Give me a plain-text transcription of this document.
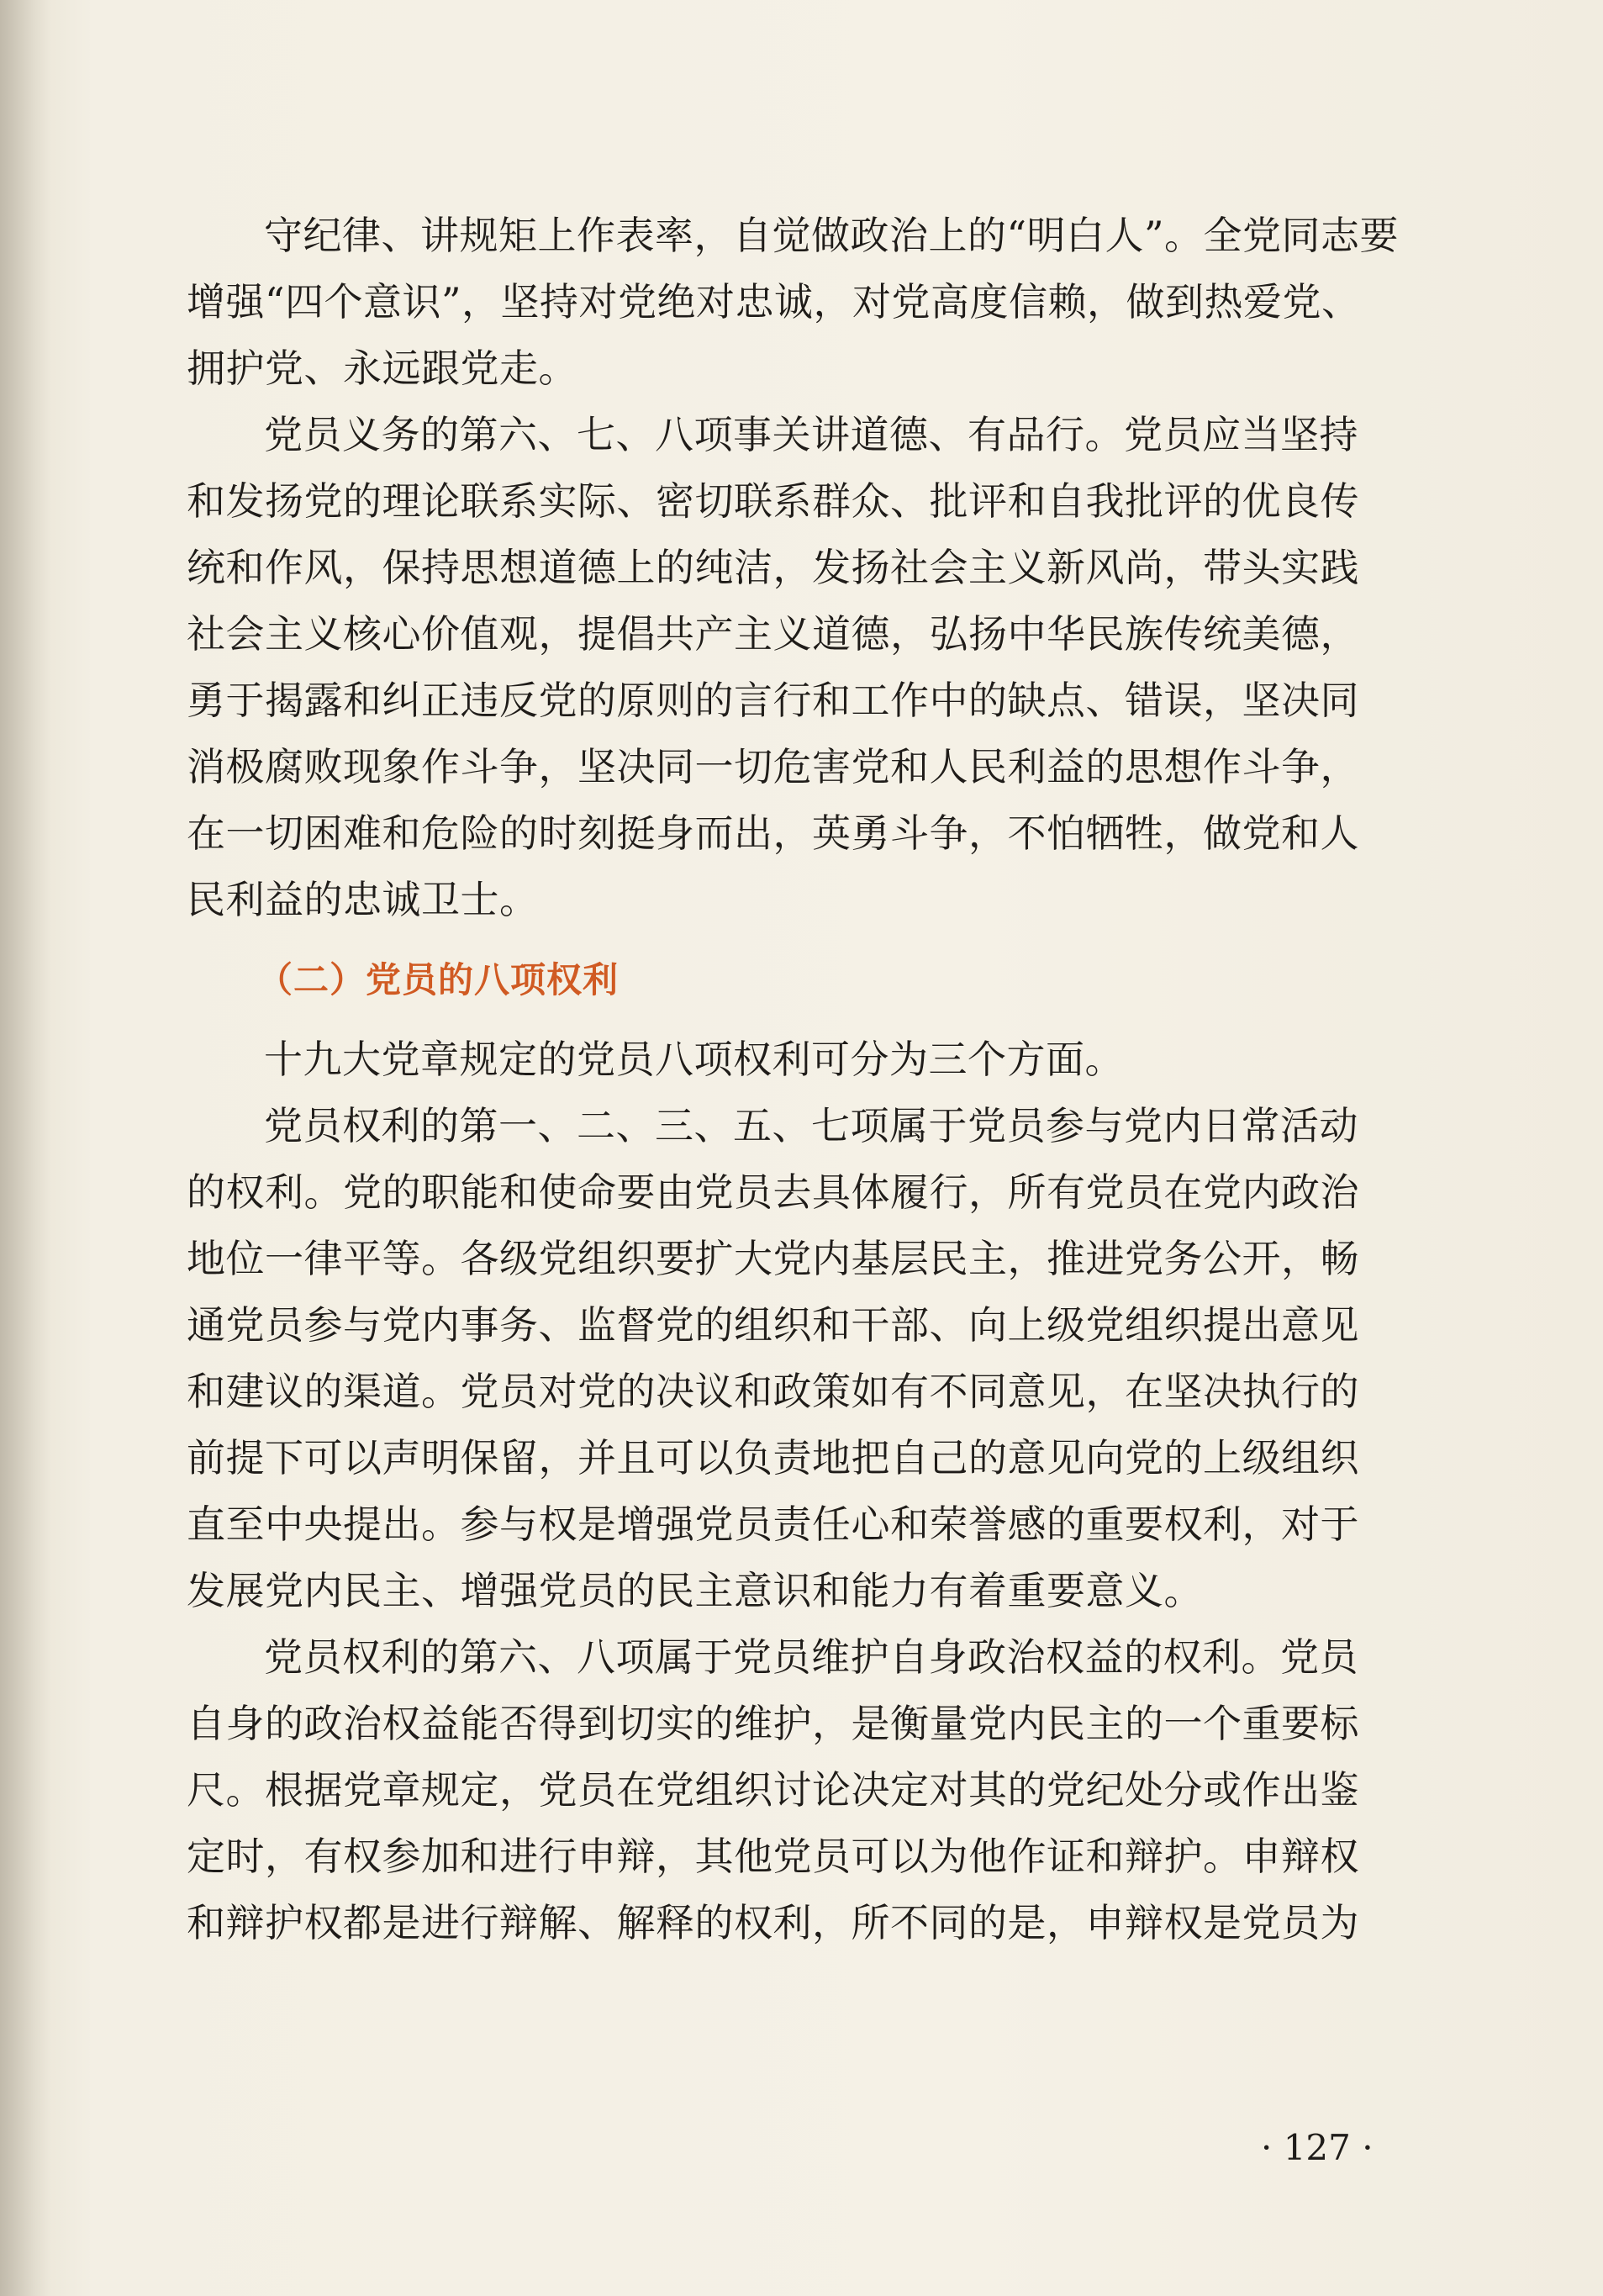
守纪律、讲规矩上作表率，自觉做政治上的“明白人”。全党同志要
增强“四个意识”，坚持对党绝对忠诚，对党高度信赖，做到热爱党、
拥护党、永远跟党走。
党员义务的第六、七、八项事关讲道德、有品行。党员应当坚持
和发扬党的理论联系实际、密切联系群众、批评和自我批评的优良传
统和作风，保持思想道德上的纯洁，发扬社会主义新风尚，带头实践
社会主义核心价值观，提倡共产主义道德，弘扬中华民族传统美德，
勇于揭露和纠正违反党的原则的言行和工作中的缺点、错误，坚决同
消极腐败现象作斗争，坚决同一切危害党和人民利益的思想作斗争，
在一切困难和危险的时刻挺身而出，英勇斗争，不怕牺牲，做党和人
民利益的忠诚卫士。
（二）党员的八项权利
十九大党章规定的党员八项权利可分为三个方面。
党员权利的第一、二、三、五、七项属于党员参与党内日常活动
的权利。党的职能和使命要由党员去具体履行，所有党员在党内政治
地位一律平等。各级党组织要扩大党内基层民主，推进党务公开，畅
通党员参与党内事务、监督党的组织和干部、向上级党组织提出意见
和建议的渠道。党员对党的决议和政策如有不同意见，在坚决执行的
前提下可以声明保留，并且可以负责地把自己的意见向党的上级组织
直至中央提出。参与权是增强党员责任心和荣誉感的重要权利，对于
发展党内民主、增强党员的民主意识和能力有着重要意义。
党员权利的第六、八项属于党员维护自身政治权益的权利。党员
自身的政治权益能否得到切实的维护，是衡量党内民主的一个重要标
尺。根据党章规定，党员在党组织讨论决定对其的党纪处分或作出鉴
定时，有权参加和进行申辩，其他党员可以为他作证和辩护。申辩权
和辩护权都是进行辩解、解释的权利，所不同的是，申辩权是党员为
· 127 ·
